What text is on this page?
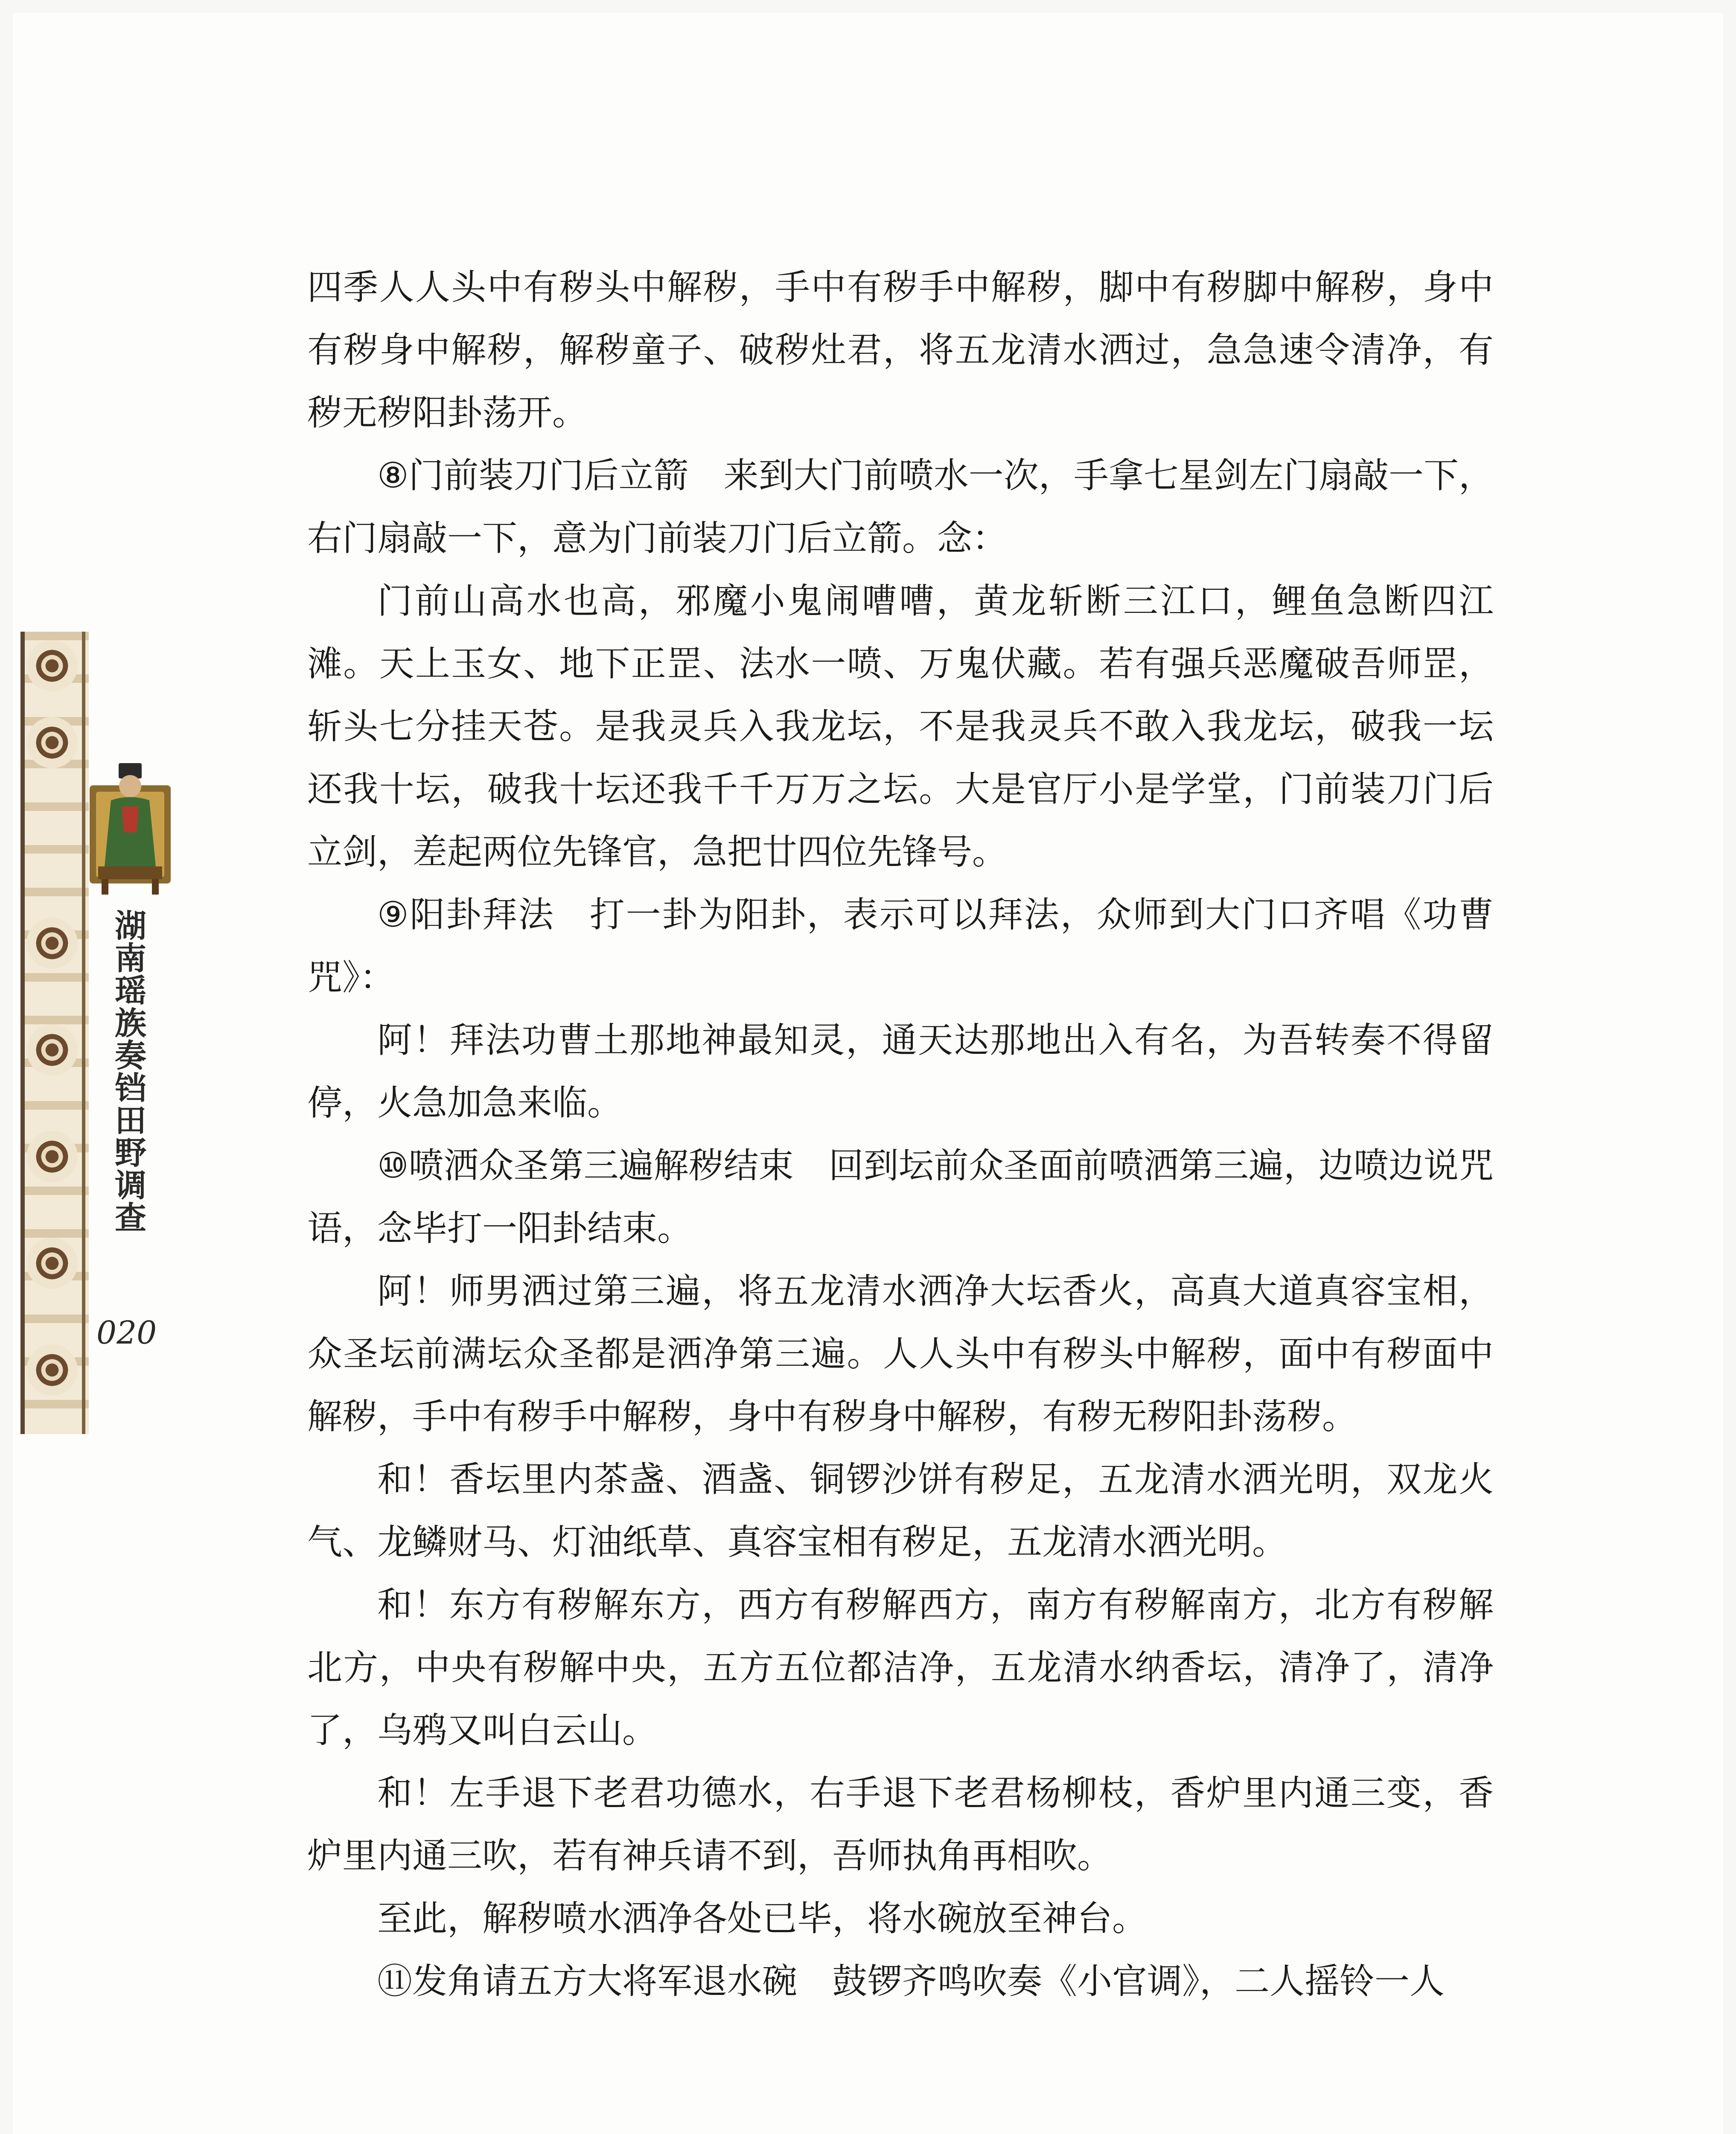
湖南瑶族奏铛田野调查
020

四季人人头中有秽头中解秽，手中有秽手中解秽，脚中有秽脚中解秽，身中有秽身中解秽，解秽童子、破秽灶君，将五龙清水洒过，急急速令清净，有秽无秽阳卦荡开。

⑧门前装刀门后立箭 来到大门前喷水一次，手拿七星剑左门扇敲一下，右门扇敲一下，意为门前装刀门后立箭。念：

门前山高水也高，邪魔小鬼闹嘈嘈，黄龙斩断三江口，鲤鱼急断四江滩。天上玉女、地下正罡、法水一喷、万鬼伏藏。若有强兵恶魔破吾师罡，斩头七分挂天苍。是我灵兵入我龙坛，不是我灵兵不敢入我龙坛，破我一坛还我十坛，破我十坛还我千千万万之坛。大是官厅小是学堂，门前装刀门后立剑，差起两位先锋官，急把廿四位先锋号。

⑨阳卦拜法 打一卦为阳卦，表示可以拜法，众师到大门口齐唱《功曹咒》：

阿！拜法功曹土那地神最知灵，通天达那地出入有名，为吾转奏不得留停，火急加急来临。

⑩喷洒众圣第三遍解秽结束 回到坛前众圣面前喷洒第三遍，边喷边说咒语，念毕打一阳卦结束。

阿！师男洒过第三遍，将五龙清水洒净大坛香火，高真大道真容宝相，众圣坛前满坛众圣都是洒净第三遍。人人头中有秽头中解秽，面中有秽面中解秽，手中有秽手中解秽，身中有秽身中解秽，有秽无秽阳卦荡秽。

和！香坛里内茶盏、酒盏、铜锣沙饼有秽足，五龙清水洒光明，双龙火气、龙鳞财马、灯油纸草、真容宝相有秽足，五龙清水洒光明。

和！东方有秽解东方，西方有秽解西方，南方有秽解南方，北方有秽解北方，中央有秽解中央，五方五位都洁净，五龙清水纳香坛，清净了，清净了，乌鸦又叫白云山。

和！左手退下老君功德水，右手退下老君杨柳枝，香炉里内通三变，香炉里内通三吹，若有神兵请不到，吾师执角再相吹。

至此，解秽喷水洒净各处已毕，将水碗放至神台。

⑪发角请五方大将军退水碗 鼓锣齐鸣吹奏《小官调》，二人摇铃一人
